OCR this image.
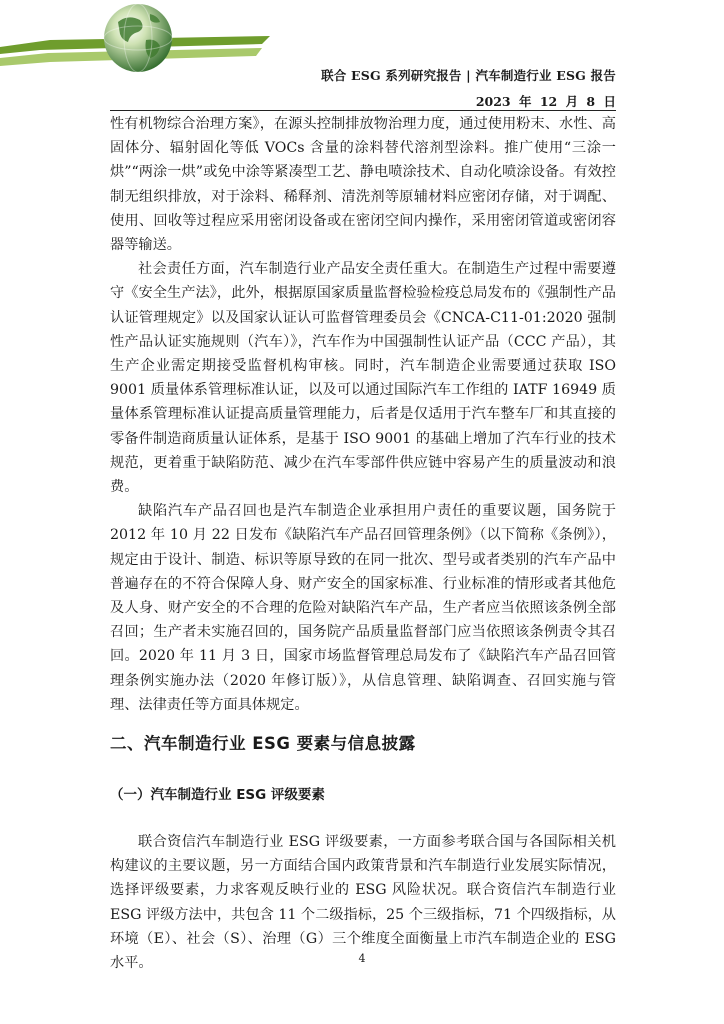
联合 ESG 系列研究报告 | 汽车制造行业 ESG 报告
2023 年 12 月 8 日

性有机物综合治理方案》，在源头控制排放物治理力度，通过使用粉末、水性、高固体分、辐射固化等低 VOCs 含量的涂料替代溶剂型涂料。推广使用“三涂一烘”“两涂一烘”或免中涂等紧凑型工艺、静电喷涂技术、自动化喷涂设备。有效控制无组织排放，对于涂料、稀释剂、清洗剂等原辅材料应密闭存储，对于调配、使用、回收等过程应采用密闭设备或在密闭空间内操作，采用密闭管道或密闭容器等输送。

社会责任方面，汽车制造行业产品安全责任重大。在制造生产过程中需要遵守《安全生产法》，此外，根据原国家质量监督检验检疫总局发布的《强制性产品认证管理规定》以及国家认证认可监督管理委员会《CNCA-C11-01:2020 强制性产品认证实施规则（汽车）》，汽车作为中国强制性认证产品（CCC 产品），其生产企业需定期接受监督机构审核。同时，汽车制造企业需要通过获取 ISO 9001 质量体系管理标准认证，以及可以通过国际汽车工作组的 IATF 16949 质量体系管理标准认证提高质量管理能力，后者是仅适用于汽车整车厂和其直接的零备件制造商质量认证体系，是基于 ISO 9001 的基础上增加了汽车行业的技术规范，更着重于缺陷防范、减少在汽车零部件供应链中容易产生的质量波动和浪费。

缺陷汽车产品召回也是汽车制造企业承担用户责任的重要议题，国务院于 2012 年 10 月 22 日发布《缺陷汽车产品召回管理条例》（以下简称《条例》），规定由于设计、制造、标识等原导致的在同一批次、型号或者类别的汽车产品中普遍存在的不符合保障人身、财产安全的国家标准、行业标准的情形或者其他危及人身、财产安全的不合理的危险对缺陷汽车产品，生产者应当依照该条例全部召回；生产者未实施召回的，国务院产品质量监督部门应当依照该条例责令其召回。2020 年 11 月 3 日，国家市场监督管理总局发布了《缺陷汽车产品召回管理条例实施办法（2020 年修订版）》，从信息管理、缺陷调查、召回实施与管理、法律责任等方面具体规定。

二、汽车制造行业 ESG 要素与信息披露
（一）汽车制造行业 ESG 评级要素

联合资信汽车制造行业 ESG 评级要素，一方面参考联合国与各国际相关机构建议的主要议题，另一方面结合国内政策背景和汽车制造行业发展实际情况，选择评级要素，力求客观反映行业的 ESG 风险状况。联合资信汽车制造行业 ESG 评级方法中，共包含 11 个二级指标，25 个三级指标，71 个四级指标，从环境（E）、社会（S）、治理（G）三个维度全面衡量上市汽车制造企业的 ESG 水平。	4
